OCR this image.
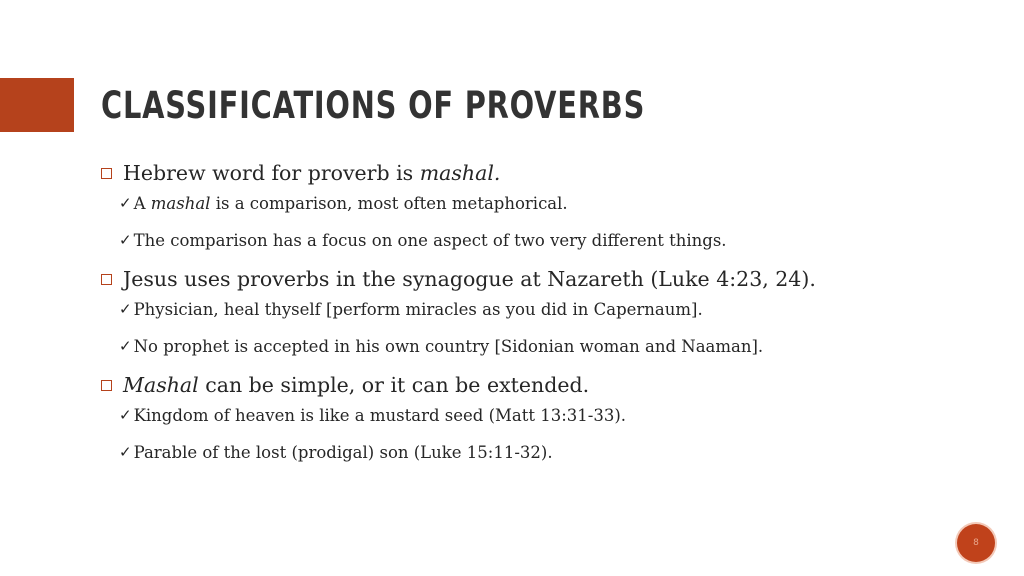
CLASSIFICATIONS OF PROVERBS
Hebrew word for proverb is mashal.
✓ A mashal is a comparison, most often metaphorical.
✓ The comparison has a focus on one aspect of two very different things.
Jesus uses proverbs in the synagogue at Nazareth (Luke 4:23, 24).
✓ Physician, heal thyself [perform miracles as you did in Capernaum].
✓ No prophet is accepted in his own country [Sidonian woman and Naaman].
Mashal can be simple, or it can be extended.
✓ Kingdom of heaven is like a mustard seed (Matt 13:31-33).
✓ Parable of the lost (prodigal) son (Luke 15:11-32).
8
